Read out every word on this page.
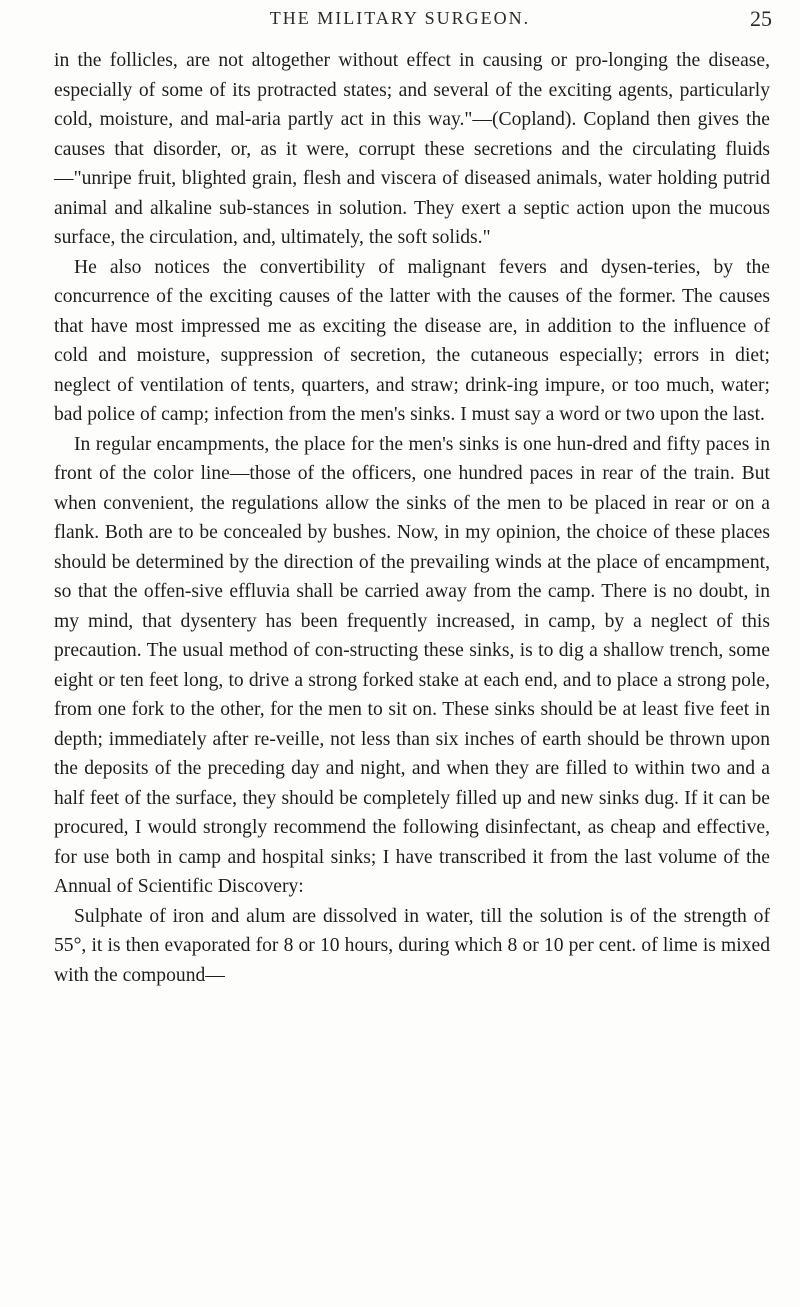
THE MILITARY SURGEON.	25

in the follicles, are not altogether without effect in causing or pro-longing the disease, especially of some of its protracted states; and several of the exciting agents, particularly cold, moisture, and mal-aria partly act in this way."—(Copland). Copland then gives the causes that disorder, or, as it were, corrupt these secretions and the circulating fluids—"unripe fruit, blighted grain, flesh and viscera of diseased animals, water holding putrid animal and alkaline sub-stances in solution. They exert a septic action upon the mucous surface, the circulation, and, ultimately, the soft solids."

He also notices the convertibility of malignant fevers and dysen-teries, by the concurrence of the exciting causes of the latter with the causes of the former. The causes that have most impressed me as exciting the disease are, in addition to the influence of cold and moisture, suppression of secretion, the cutaneous especially; errors in diet; neglect of ventilation of tents, quarters, and straw; drink-ing impure, or too much, water; bad police of camp; infection from the men's sinks. I must say a word or two upon the last.

In regular encampments, the place for the men's sinks is one hun-dred and fifty paces in front of the color line—those of the officers, one hundred paces in rear of the train. But when convenient, the regulations allow the sinks of the men to be placed in rear or on a flank. Both are to be concealed by bushes. Now, in my opinion, the choice of these places should be determined by the direction of the prevailing winds at the place of encampment, so that the offen-sive effluvia shall be carried away from the camp. There is no doubt, in my mind, that dysentery has been frequently increased, in camp, by a neglect of this precaution. The usual method of con-structing these sinks, is to dig a shallow trench, some eight or ten feet long, to drive a strong forked stake at each end, and to place a strong pole, from one fork to the other, for the men to sit on. These sinks should be at least five feet in depth; immediately after re-veille, not less than six inches of earth should be thrown upon the deposits of the preceding day and night, and when they are filled to within two and a half feet of the surface, they should be completely filled up and new sinks dug. If it can be procured, I would strongly recommend the following disinfectant, as cheap and effective, for use both in camp and hospital sinks; I have transcribed it from the last volume of the Annual of Scientific Discovery:

Sulphate of iron and alum are dissolved in water, till the solution is of the strength of 55°, it is then evaporated for 8 or 10 hours, during which 8 or 10 per cent. of lime is mixed with the compound—
